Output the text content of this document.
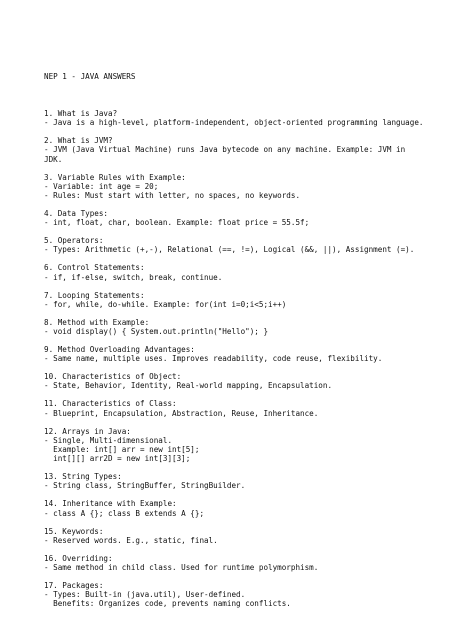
NEP 1 - JAVA ANSWERS

1. What is Java?
- Java is a high-level, platform-independent, object-oriented programming language.
2. What is JVM?
- JVM (Java Virtual Machine) runs Java bytecode on any machine. Example: JVM in
JDK.
3. Variable Rules with Example:
- Variable: int age = 20;
- Rules: Must start with letter, no spaces, no keywords.
4. Data Types:
- int, float, char, boolean. Example: float price = 55.5f;
5. Operators:
- Types: Arithmetic (+,-), Relational (==, !=), Logical (&&, ||), Assignment (=).
6. Control Statements:
- if, if-else, switch, break, continue.
7. Looping Statements:
- for, while, do-while. Example: for(int i=0;i<5;i++)
8. Method with Example:
- void display() { System.out.println("Hello"); }
9. Method Overloading Advantages:
- Same name, multiple uses. Improves readability, code reuse, flexibility.
10. Characteristics of Object:
- State, Behavior, Identity, Real-world mapping, Encapsulation.
11. Characteristics of Class:
- Blueprint, Encapsulation, Abstraction, Reuse, Inheritance.
12. Arrays in Java:
- Single, Multi-dimensional.
Example: int[] arr = new int[5];
int[][] arr2D = new int[3][3];
13. String Types:
- String class, StringBuffer, StringBuilder.
14. Inheritance with Example:
- class A {}; class B extends A {};
15. Keywords:
- Reserved words. E.g., static, final.
16. Overriding:
- Same method in child class. Used for runtime polymorphism.
17. Packages:
- Types: Built-in (java.util), User-defined.
Benefits: Organizes code, prevents naming conflicts.
